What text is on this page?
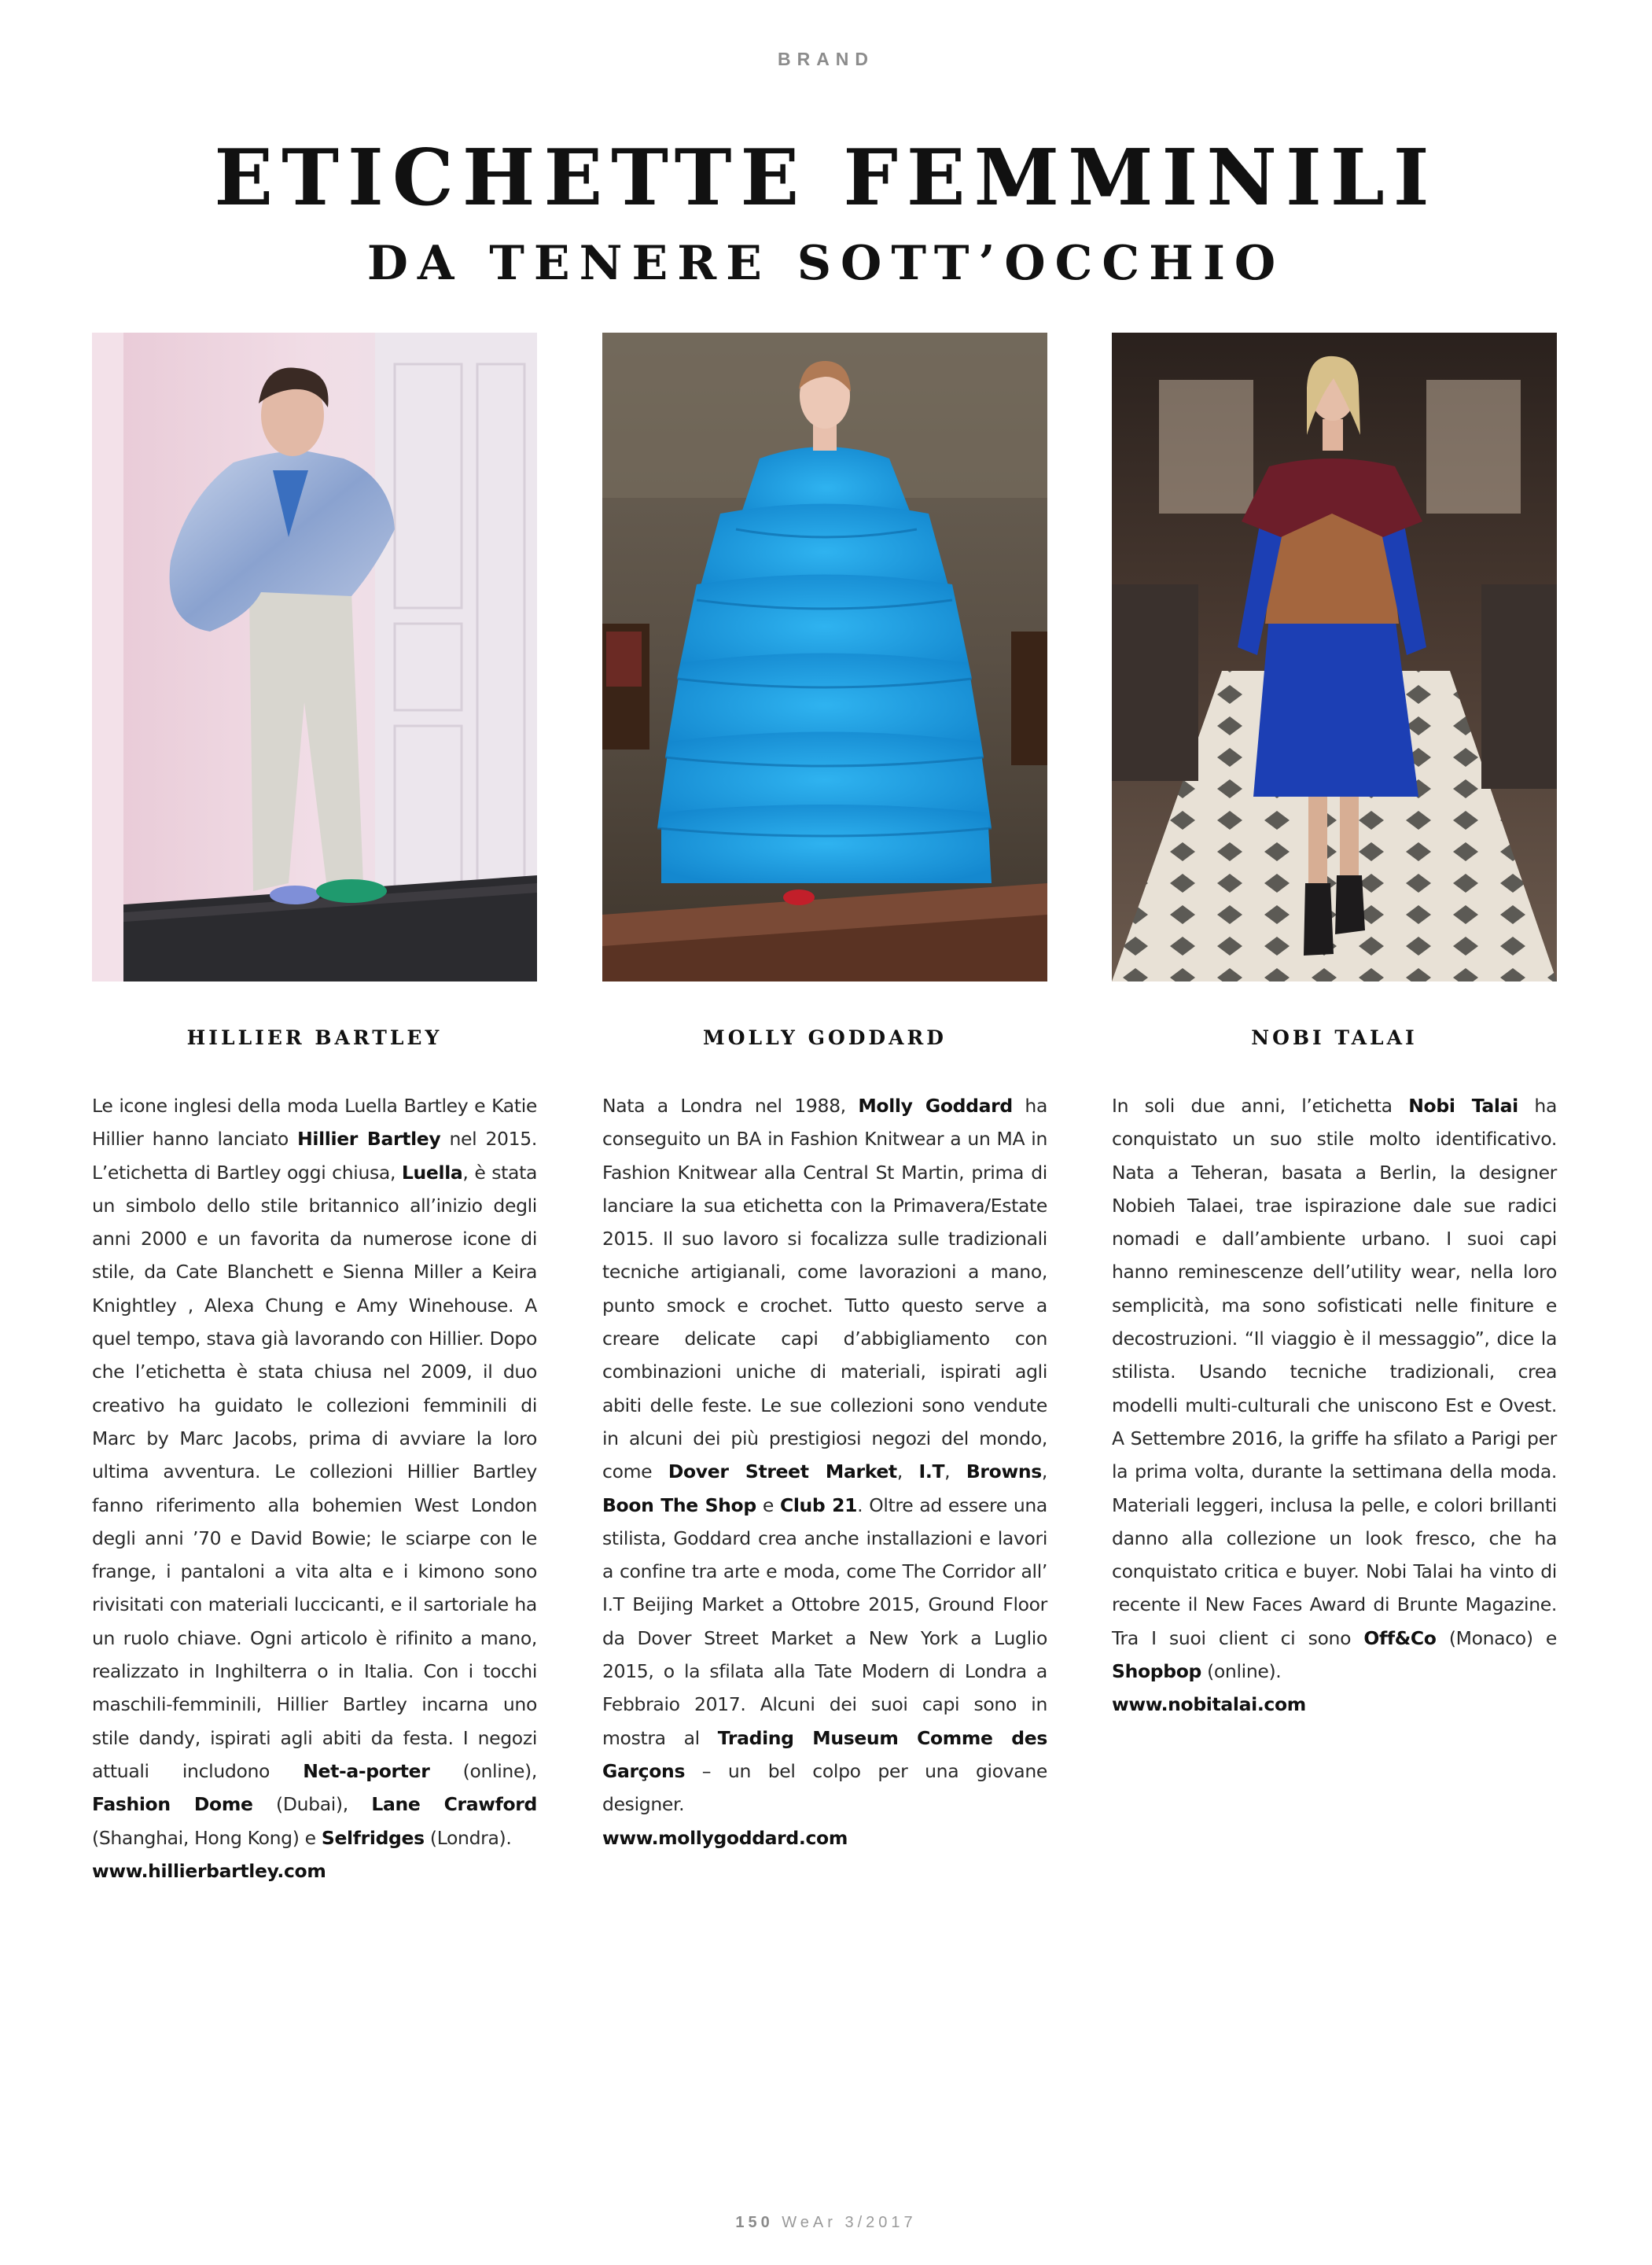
BRAND
ETICHETTE FEMMINILI
DA TENERE SOTT’OCCHIO
HILLIER BARTLEY
Le icone inglesi della moda Luella Bartley e Katie Hillier hanno lanciato Hillier Bartley nel 2015. L’etichetta di Bartley oggi chiusa, Luella, è stata un simbolo dello stile britannico all’inizio degli anni 2000 e un favorita da numerose icone di stile, da Cate Blanchett e Sienna Miller a Keira Knightley , Alexa Chung e Amy Winehouse. A quel tempo, stava già lavorando con Hillier. Dopo che l’etichetta è stata chiusa nel 2009, il duo creativo ha guidato le collezioni femminili di Marc by Marc Jacobs, prima di avviare la loro ultima avventura. Le collezioni Hillier Bartley fanno riferimento alla bohemien West London degli anni ’70 e David Bowie; le sciarpe con le frange, i pantaloni a vita alta e i kimono sono rivisitati con materiali luccicanti, e il sartoriale ha un ruolo chiave. Ogni articolo è rifinito a mano, realizzato in Inghilterra o in Italia. Con i tocchi maschili-femminili, Hillier Bartley incarna uno stile dandy, ispirati agli abiti da festa. I negozi attuali includono Net-a-porter (online), Fashion Dome (Dubai), Lane Crawford (Shanghai, Hong Kong) e Selfridges (Londra).
www.hillierbartley.com
MOLLY GODDARD
Nata a Londra nel 1988, Molly Goddard ha conseguito un BA in Fashion Knitwear a un MA in Fashion Knitwear alla Central St Martin, prima di lanciare la sua etichetta con la Primavera/Estate 2015. Il suo lavoro si focalizza sulle tradizionali tecniche artigianali, come lavorazioni a mano, punto smock e crochet. Tutto questo serve a creare delicate capi d’abbigliamento con combinazioni uniche di materiali, ispirati agli abiti delle feste. Le sue collezioni sono vendute in alcuni dei più prestigiosi negozi del mondo, come Dover Street Market, I.T, Browns, Boon The Shop e Club 21. Oltre ad essere una stilista, Goddard crea anche installazioni e lavori a confine tra arte e moda, come The Corridor all’ I.T Beijing Market a Ottobre 2015, Ground Floor da Dover Street Market a New York a Luglio 2015, o la sfilata alla Tate Modern di Londra a Febbraio 2017. Alcuni dei suoi capi sono in mostra al Trading Museum Comme des Garçons – un bel colpo per una giovane designer.
www.mollygoddard.com
NOBI TALAI
In soli due anni, l’etichetta Nobi Talai ha conquistato un suo stile molto identificativo. Nata a Teheran, basata a Berlin, la designer Nobieh Talaei, trae ispirazione dale sue radici nomadi e dall’ambiente urbano. I suoi capi hanno reminescenze dell’utility wear, nella loro semplicità, ma sono sofisticati nelle finiture e decostruzioni. “Il viaggio è il messaggio”, dice la stilista. Usando tecniche tradizionali, crea modelli multi-culturali che uniscono Est e Ovest. A Settembre 2016, la griffe ha sfilato a Parigi per la prima volta, durante la settimana della moda. Materiali leggeri, inclusa la pelle, e colori brillanti danno alla collezione un look fresco, che ha conquistato critica e buyer. Nobi Talai ha vinto di recente il New Faces Award di Brunte Magazine. Tra I suoi client ci sono Off&Co (Monaco) e Shopbop (online).
www.nobitalai.com
150 WeAr 3/2017
